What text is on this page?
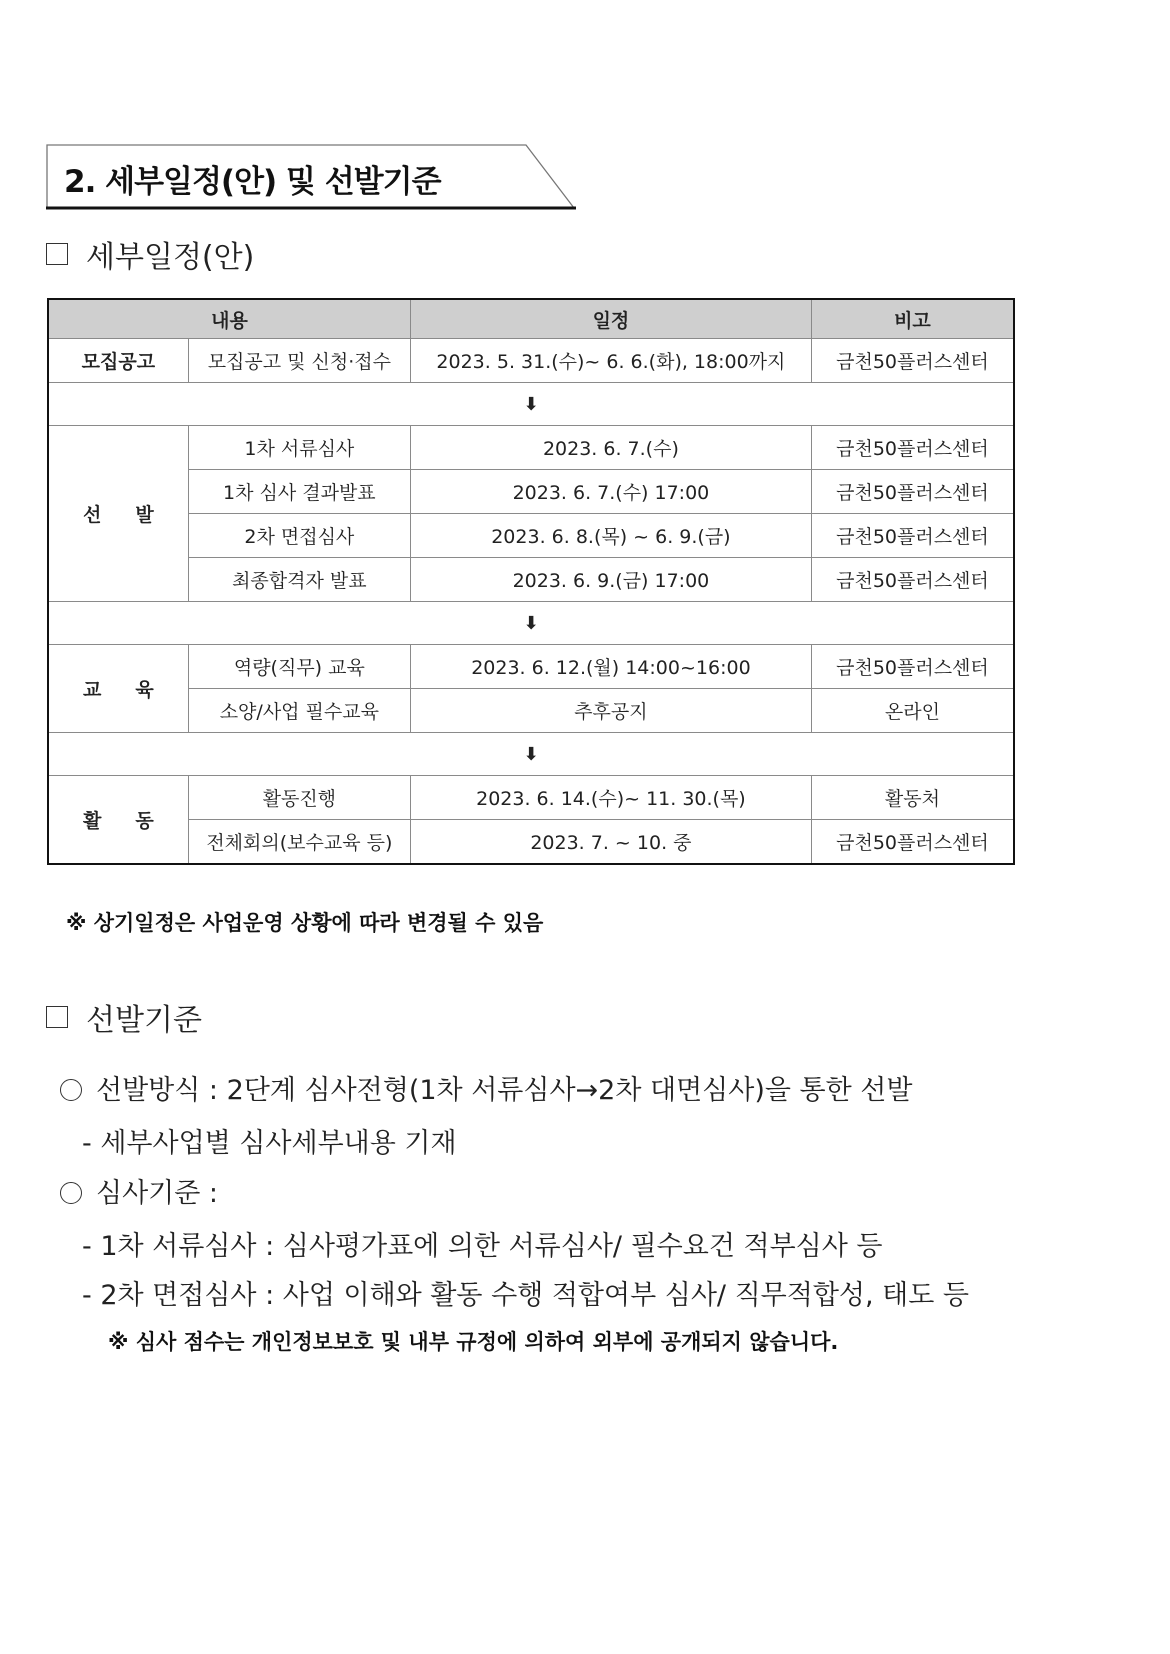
2. 세부일정(안) 및 선발기준
세부일정(안)
내용		일정	비고
모집공고	모집공고 및 신청·접수	2023. 5. 31.(수)~ 6. 6.(화), 18:00까지	금천50플러스센터
⬇			
선발	1차 서류심사	2023. 6. 7.(수)	금천50플러스센터
	1차 심사 결과발표	2023. 6. 7.(수) 17:00	금천50플러스센터
	2차 면접심사	2023. 6. 8.(목) ~ 6. 9.(금)	금천50플러스센터
	최종합격자 발표	2023. 6. 9.(금) 17:00	금천50플러스센터
⬇			
교육	역량(직무) 교육	2023. 6. 12.(월) 14:00~16:00	금천50플러스센터
	소양/사업 필수교육	추후공지	온라인
⬇			
활동	활동진행	2023. 6. 14.(수)~ 11. 30.(목)	활동처
	전체회의(보수교육 등)	2023. 7. ~ 10. 중	금천50플러스센터
※ 상기일정은 사업운영 상황에 따라 변경될 수 있음
선발기준
선발방식 : 2단계 심사전형(1차 서류심사→2차 대면심사)을 통한 선발
- 세부사업별 심사세부내용 기재
심사기준 :
- 1차 서류심사 : 심사평가표에 의한 서류심사/ 필수요건 적부심사 등
- 2차 면접심사 : 사업 이해와 활동 수행 적합여부 심사/ 직무적합성, 태도 등
※ 심사 점수는 개인정보보호 및 내부 규정에 의하여 외부에 공개되지 않습니다.
